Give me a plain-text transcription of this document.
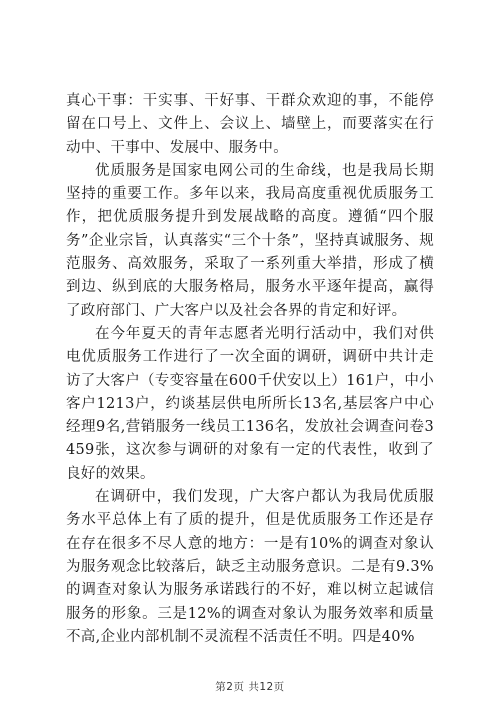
真心干事：干实事、干好事、干群众欢迎的事，不能停留在口号上、文件上、会议上、墙壁上，而要落实在行动中、干事中、发展中、服务中。

优质服务是国家电网公司的生命线，也是我局长期坚持的重要工作。多年以来，我局高度重视优质服务工作，把优质服务提升到发展战略的高度。遵循“四个服务”企业宗旨，认真落实“三个十条”，坚持真诚服务、规范服务、高效服务，采取了一系列重大举措，形成了横到边、纵到底的大服务格局，服务水平逐年提高，赢得了政府部门、广大客户以及社会各界的肯定和好评。

在今年夏天的青年志愿者光明行活动中，我们对供电优质服务工作进行了一次全面的调研，调研中共计走访了大客户（专变容量在600千伏安以上）161户，中小客户1213户，约谈基层供电所所长13名,基层客户中心经理9名,营销服务一线员工136名，发放社会调查问卷3459张，这次参与调研的对象有一定的代表性，收到了良好的效果。

在调研中，我们发现，广大客户都认为我局优质服务水平总体上有了质的提升，但是优质服务工作还是存在存在很多不尽人意的地方：一是有10%的调查对象认为服务观念比较落后，缺乏主动服务意识。二是有9.3%的调查对象认为服务承诺践行的不好，难以树立起诚信服务的形象。三是12%的调查对象认为服务效率和质量不高,企业内部机制不灵流程不活责任不明。四是40%

第2页 共12页
